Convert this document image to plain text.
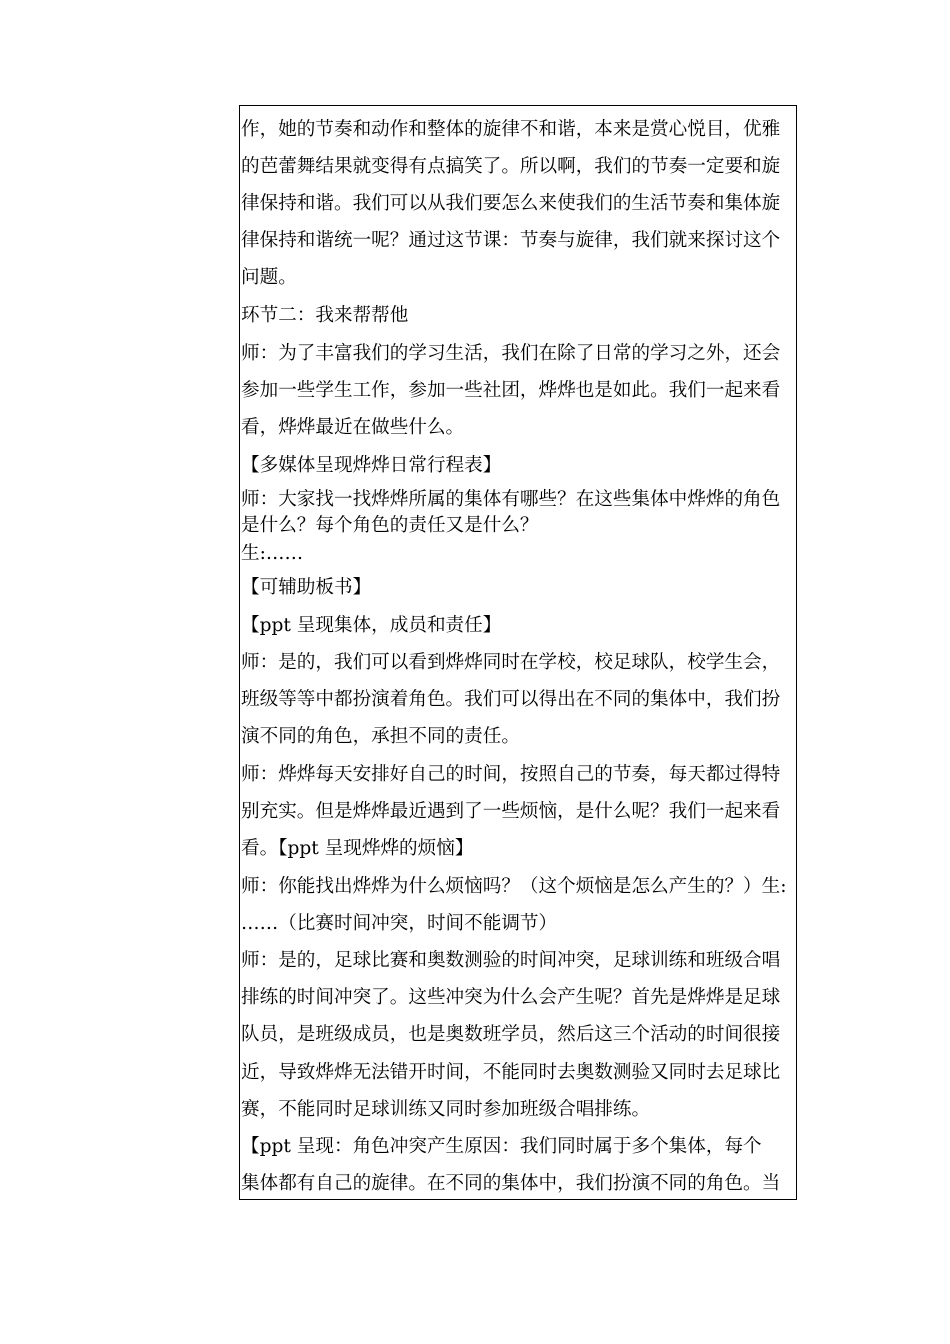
作，她的节奏和动作和整体的旋律不和谐，本来是赏心悦目，优雅
的芭蕾舞结果就变得有点搞笑了。所以啊，我们的节奏一定要和旋
律保持和谐。我们可以从我们要怎么来使我们的生活节奏和集体旋
律保持和谐统一呢？通过这节课：节奏与旋律，我们就来探讨这个
问题。
环节二：我来帮帮他
师：为了丰富我们的学习生活，我们在除了日常的学习之外，还会
参加一些学生工作，参加一些社团，烨烨也是如此。我们一起来看
看，烨烨最近在做些什么。
【多媒体呈现烨烨日常行程表】
师：大家找一找烨烨所属的集体有哪些？在这些集体中烨烨的角色
是什么？每个角色的责任又是什么？
生:……
【可辅助板书】
【ppt 呈现集体，成员和责任】
师：是的，我们可以看到烨烨同时在学校，校足球队，校学生会，
班级等等中都扮演着角色。我们可以得出在不同的集体中，我们扮
演不同的角色，承担不同的责任。
师：烨烨每天安排好自己的时间，按照自己的节奏，每天都过得特
别充实。但是烨烨最近遇到了一些烦恼，是什么呢？我们一起来看
看。【ppt 呈现烨烨的烦恼】
师：你能找出烨烨为什么烦恼吗？（这个烦恼是怎么产生的？）生:
……（比赛时间冲突，时间不能调节）
师：是的，足球比赛和奥数测验的时间冲突，足球训练和班级合唱
排练的时间冲突了。这些冲突为什么会产生呢？首先是烨烨是足球
队员，是班级成员，也是奥数班学员，然后这三个活动的时间很接
近，导致烨烨无法错开时间，不能同时去奥数测验又同时去足球比
赛，不能同时足球训练又同时参加班级合唱排练。
【ppt 呈现：角色冲突产生原因：我们同时属于多个集体，每个
集体都有自己的旋律。在不同的集体中，我们扮演不同的角色。当
